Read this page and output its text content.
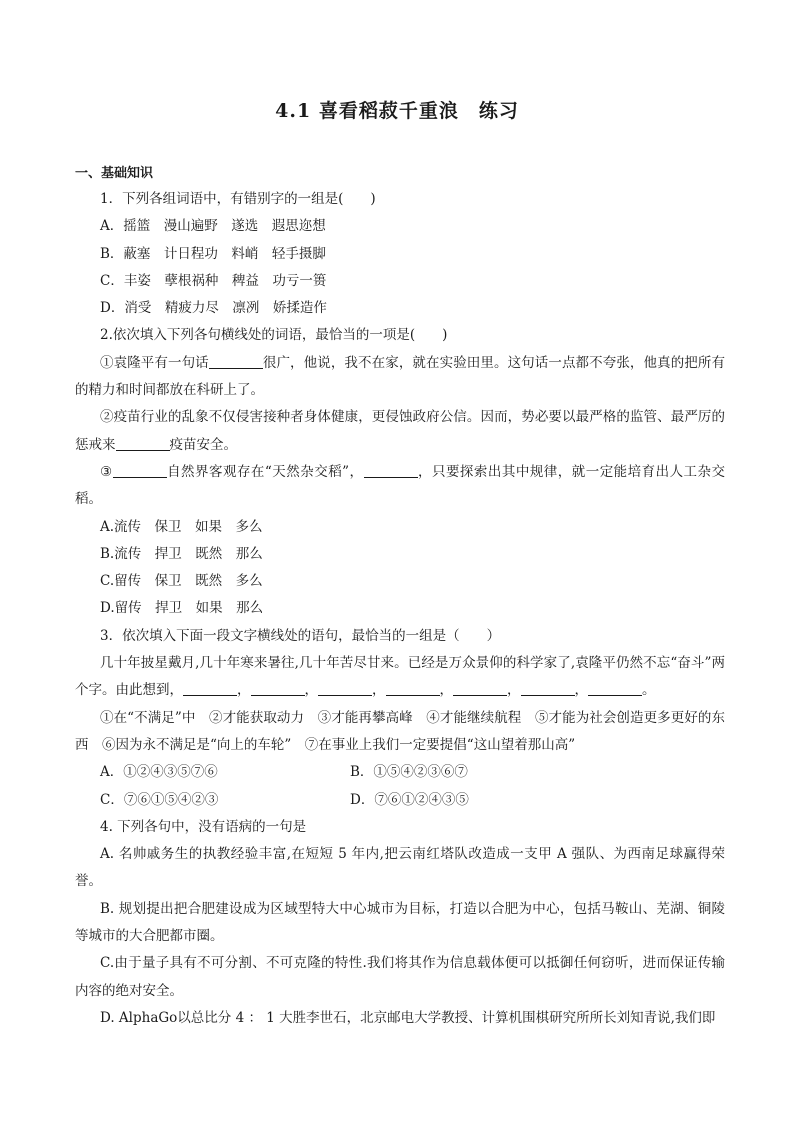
4.1 喜看稻菽千重浪　练习
一、基础知识
1．下列各组词语中，有错别字的一组是(　　)
A．摇篮　漫山遍野　遂选　遐思迩想
B．蔽塞　计日程功　料峭　轻手摄脚
C．丰姿　孽根祸种　稗益　功亏一篑
D．消受　精疲力尽　凛冽　娇揉造作
2.依次填入下列各句横线处的词语，最恰当的一项是(　　)
①袁隆平有一句话	很广，他说，我不在家，就在实验田里。这句话一点都不夸张，他真的把所有的精力和时间都放在科研上了。
②疫苗行业的乱象不仅侵害接种者身体健康，更侵蚀政府公信。因而，势必要以最严格的监管、最严厉的惩戒来	疫苗安全。
③	自然界客观存在“天然杂交稻”，	，只要探索出其中规律，就一定能培育出人工杂交稻。
A.流传　保卫　如果　多么
B.流传　捍卫　既然　那么
C.留传　保卫　既然　多么
D.留传　捍卫　如果　那么
3．依次填入下面一段文字横线处的语句，最恰当的一组是（　　）
几十年披星戴月,几十年寒来暑往,几十年苦尽甘来。已经是万众景仰的科学家了,袁隆平仍然不忘“奋斗”两个字。由此想到，	，	，	，	，	，	，	。
①在“不满足”中　②才能获取动力　③才能再攀高峰　④才能继续航程　⑤才能为社会创造更多更好的东西　⑥因为永不满足是“向上的车轮”　⑦在事业上我们一定要提倡“这山望着那山高”
A．①②④③⑤⑦⑥	B．①⑤④②③⑥⑦
C．⑦⑥①⑤④②③	D．⑦⑥①②④③⑤
4. 下列各句中，没有语病的一句是
A. 名帅戚务生的执教经验丰富,在短短 5 年内,把云南红塔队改造成一支甲 A 强队、为西南足球赢得荣誉。
B. 规划提出把合肥建设成为区域型特大中心城市为目标，打造以合肥为中心，包括马鞍山、芜湖、铜陵等城市的大合肥都市圈。
C.由于量子具有不可分割、不可克隆的特性.我们将其作为信息载体便可以抵御任何窃听，进而保证传输内容的绝对安全。
D. AlphaGo以总比分 4 ： 1 大胜李世石，北京邮电大学教授、计算机围棋研究所所长刘知青说,我们即
